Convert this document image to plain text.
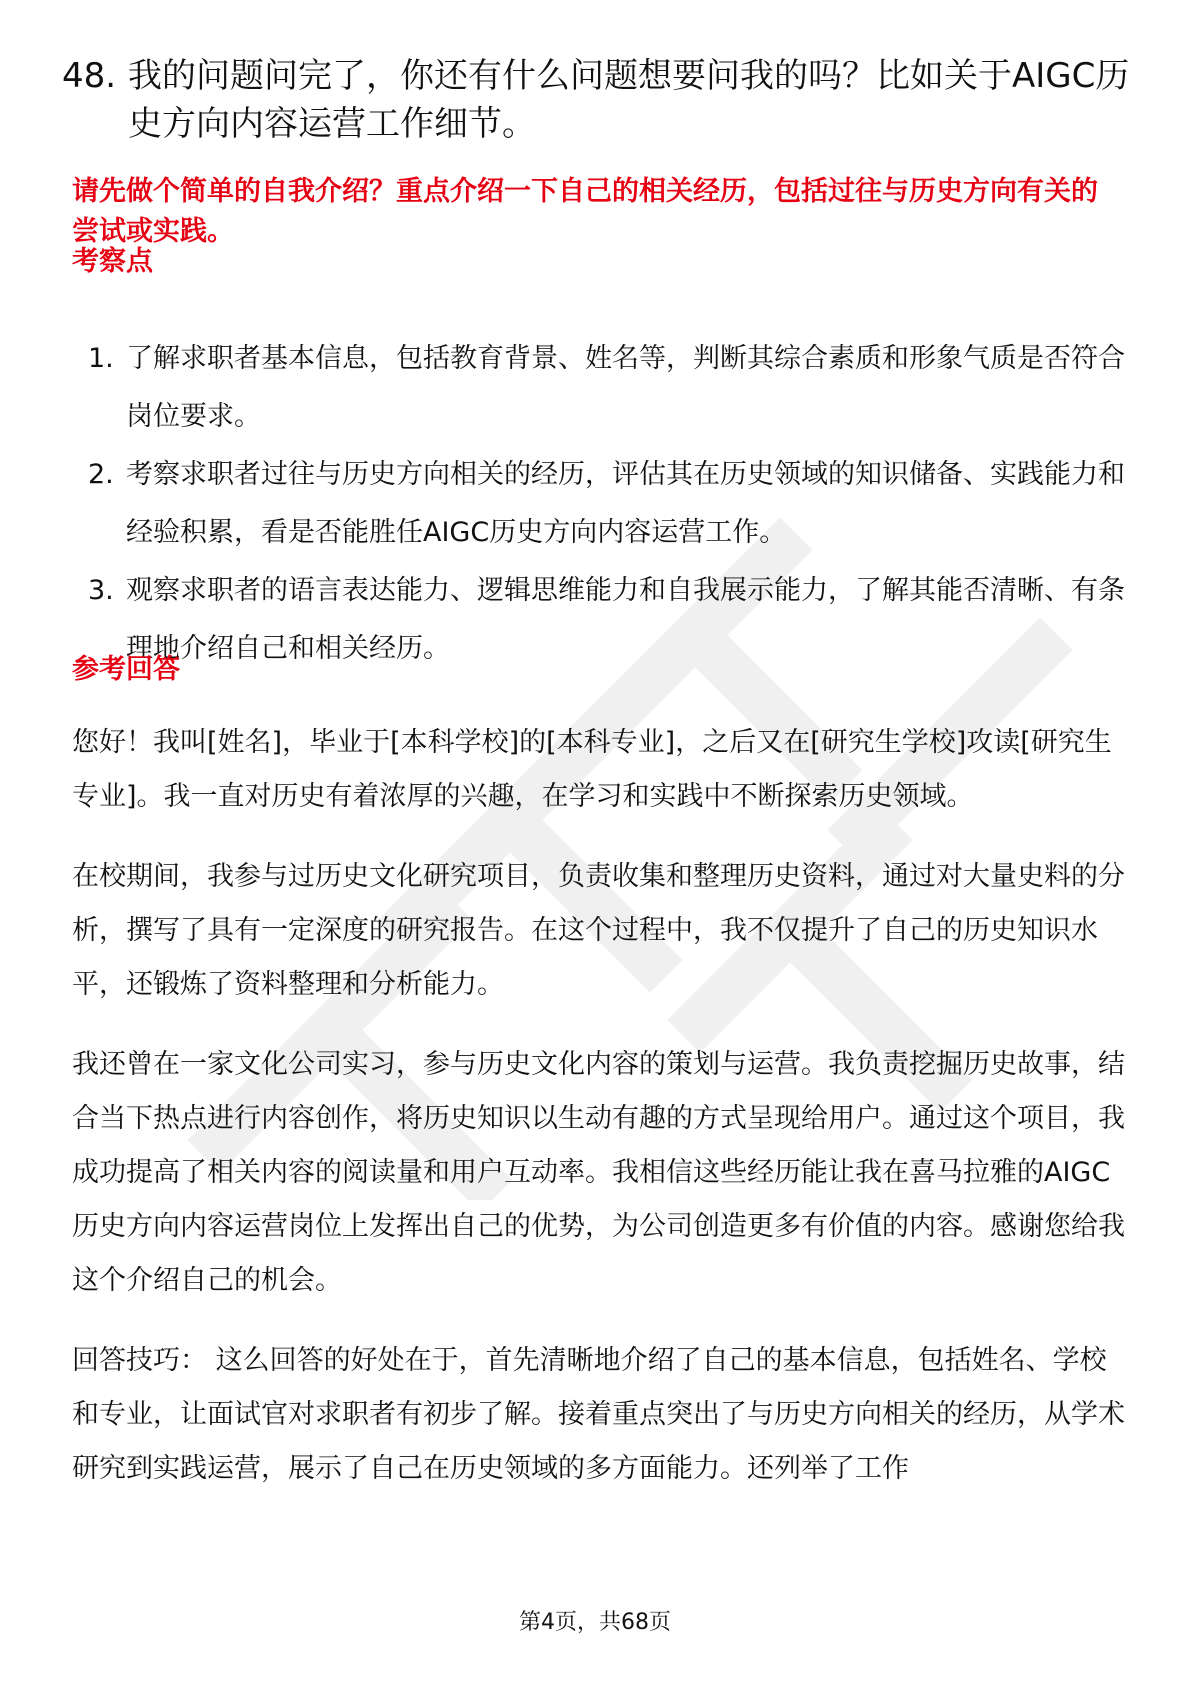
48. 我的问题问完了，你还有什么问题想要问我的吗？比如关于AIGC历史方向内容运营工作细节。
请先做个简单的自我介绍？重点介绍一下自己的相关经历，包括过往与历史方向有关的尝试或实践。
考察点
1. 了解求职者基本信息，包括教育背景、姓名等，判断其综合素质和形象气质是否符合岗位要求。
2. 考察求职者过往与历史方向相关的经历，评估其在历史领域的知识储备、实践能力和经验积累，看是否能胜任AIGC历史方向内容运营工作。
3. 观察求职者的语言表达能力、逻辑思维能力和自我展示能力，了解其能否清晰、有条理地介绍自己和相关经历。
参考回答

您好！我叫[姓名]，毕业于[本科学校]的[本科专业]，之后又在[研究生学校]攻读[研究生专业]。我一直对历史有着浓厚的兴趣，在学习和实践中不断探索历史领域。

在校期间，我参与过历史文化研究项目，负责收集和整理历史资料，通过对大量史料的分析，撰写了具有一定深度的研究报告。在这个过程中，我不仅提升了自己的历史知识水平，还锻炼了资料整理和分析能力。

我还曾在一家文化公司实习，参与历史文化内容的策划与运营。我负责挖掘历史故事，结合当下热点进行内容创作，将历史知识以生动有趣的方式呈现给用户。通过这个项目，我成功提高了相关内容的阅读量和用户互动率。我相信这些经历能让我在喜马拉雅的AIGC历史方向内容运营岗位上发挥出自己的优势，为公司创造更多有价值的内容。感谢您给我这个介绍自己的机会。

回答技巧： 这么回答的好处在于，首先清晰地介绍了自己的基本信息，包括姓名、学校和专业，让面试官对求职者有初步了解。接着重点突出了与历史方向相关的经历，从学术研究到实践运营，展示了自己在历史领域的多方面能力。还列举了工作

第4页，共68页
